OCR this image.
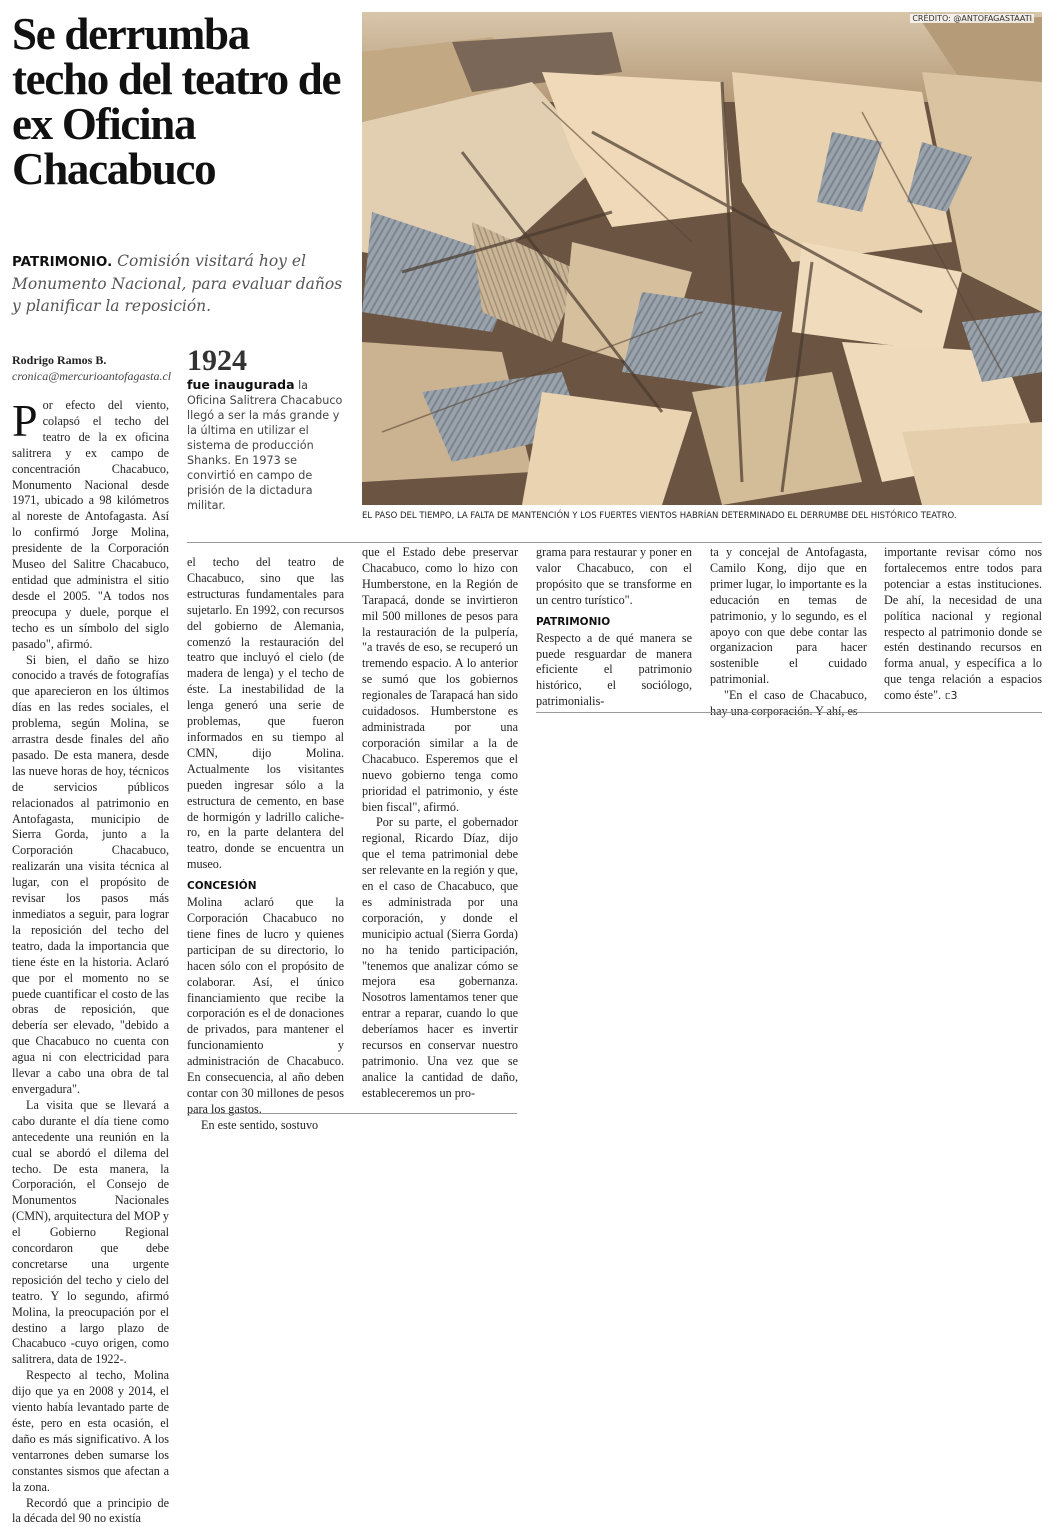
Se derrumba techo del teatro de ex Oficina Chacabuco
PATRIMONIO. Comisión visitará hoy el Monumento Nacional, para evaluar daños y planificar la reposición.
Rodrigo Ramos B.
cronica@mercurioantofagasta.cl 1924
fue inaugurada la Oficina Salitrera Chacabuco llegó a ser la más grande y la última en utilizar el sistema de producción Shanks. En 1973 se convirtió en campo de prisión de la dictadura militar.
CRÉDITO: @ANTOFAGASTAATI
EL PASO DEL TIEMPO, LA FALTA DE MANTENCIÓN Y LOS FUERTES VIENTOS HABRÍAN DETERMINADO EL DERRUMBE DEL HISTÓRICO TEATRO.

Por efecto del viento, colapsó el techo del teatro de la ex oficina salitrera y ex campo de concentración Chacabuco, Monumento Nacional desde 1971, ubicado a 98 kilómetros al noreste de Antofagasta. Así lo confirmó Jorge Molina, presidente de la Corporación Museo del Salitre Chacabuco, entidad que administra el sitio desde el 2005. "A todos nos preocupa y duele, porque el techo es un símbolo del siglo pasado", afirmó.

Si bien, el daño se hizo conocido a través de fotografías que aparecieron en los últimos días en las redes sociales, el problema, según Molina, se arrastra desde finales del año pasado. De esta manera, desde las nueve horas de hoy, técnicos de servicios públicos relacionados al patrimonio en Antofagasta, municipio de Sierra Gorda, junto a la Corporación Chacabuco, realizarán una visita técnica al lugar, con el propósito de revisar los pasos más inmediatos a seguir, para lograr la reposición del techo del teatro, dada la importancia que tiene éste en la historia. Aclaró que por el momento no se puede cuantificar el costo de las obras de reposición, que debería ser elevado, "debido a que Chacabuco no cuenta con agua ni con electricidad para llevar a cabo una obra de tal envergadura".

La visita que se llevará a cabo durante el día tiene como antecedente una reunión en la cual se abordó el dilema del techo. De esta manera, la Corporación, el Consejo de Monumentos Nacionales (CMN), arquitectura del MOP y el Gobierno Regional concordaron que debe concretarse una urgente reposición del techo y cielo del teatro. Y lo segundo, afirmó Molina, la preocupación por el destino a largo plazo de Chacabuco -cuyo origen, como salitrera, data de 1922-.

Respecto al techo, Molina dijo que ya en 2008 y 2014, el viento había levantado parte de éste, pero en esta ocasión, el daño es más significativo. A los ventarrones deben sumarse los constantes sismos que afectan a la zona.

Recordó que a principio de la década del 90 no existía

el techo del teatro de Chacabuco, sino que las estructuras fundamentales para sujetarlo. En 1992, con recursos del gobierno de Alemania, comenzó la restauración del teatro que incluyó el cielo (de madera de lenga) y el techo de éste. La inestabilidad de la lenga generó una serie de problemas, que fueron informados en su tiempo al CMN, dijo Molina. Actualmente los visitantes pueden ingresar sólo a la estructura de cemento, en base de hormigón y ladrillo calichero, en la parte delantera del teatro, donde se encuentra un museo.

CONCESIÓN

Molina aclaró que la Corporación Chacabuco no tiene fines de lucro y quienes participan de su directorio, lo hacen sólo con el propósito de colaborar. Así, el único financiamiento que recibe la corporación es el de donaciones de privados, para mantener el funcionamiento y administración de Chacabuco. En consecuencia, al año deben contar con 30 millones de pesos para los gastos.

En este sentido, sostuvo

que el Estado debe preservar Chacabuco, como lo hizo con Humberstone, en la Región de Tarapacá, donde se invirtieron mil 500 millones de pesos para la restauración de la pulpería, "a través de eso, se recuperó un tremendo espacio. A lo anterior se sumó que los gobiernos regionales de Tarapacá han sido cuidadosos. Humberstone es administrada por una corporación similar a la de Chacabuco. Esperemos que el nuevo gobierno tenga como prioridad el patrimonio, y éste bien fiscal", afirmó.

Por su parte, el gobernador regional, Ricardo Díaz, dijo que el tema patrimonial debe ser relevante en la región y que, en el caso de Chacabuco, que es administrada por una corporación, y donde el municipio actual (Sierra Gorda) no ha tenido participación, "tenemos que analizar cómo se mejora esa gobernanza. Nosotros lamentamos tener que entrar a reparar, cuando lo que deberíamos hacer es invertir recursos en conservar nuestro patrimonio. Una vez que se analice la cantidad de daño, estableceremos un pro-

grama para restaurar y poner en valor Chacabuco, con el propósito que se transforme en un centro turístico".

PATRIMONIO

Respecto a de qué manera se puede resguardar de manera eficiente el patrimonio histórico, el sociólogo, patrimonialis-

ta y concejal de Antofagasta, Camilo Kong, dijo que en primer lugar, lo importante es la educación en temas de patrimonio, y lo segundo, es el apoyo con que debe contar las organizacion para hacer sostenible el cuidado patrimonial.

"En el caso de Chacabuco, hay una corporación. Y ahí, es

importante revisar cómo nos fortalecemos entre todos para potenciar a estas instituciones. De ahí, la necesidad de una política nacional y regional respecto al patrimonio donde se estén destinando recursos en forma anual, y específica a lo que tenga relación a espacios como éste". ᥴ3
